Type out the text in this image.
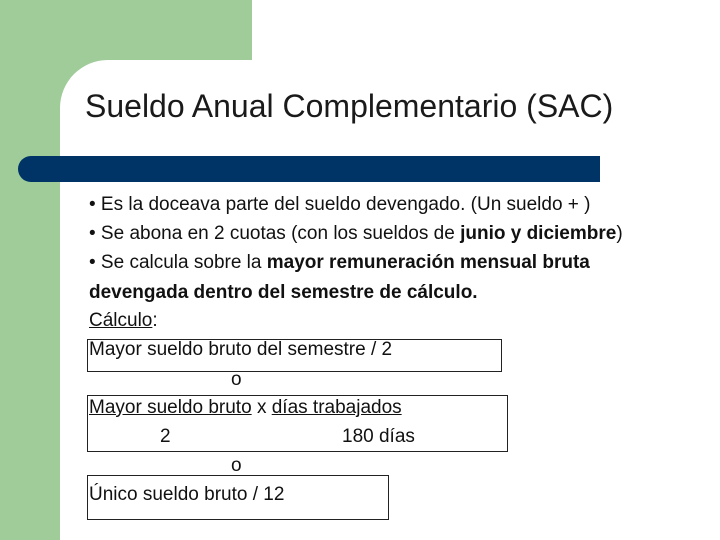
Sueldo Anual Complementario (SAC)
• Es la doceava parte del sueldo devengado. (Un sueldo + )
• Se abona en 2 cuotas (con los sueldos de junio y diciembre)
• Se calcula sobre la mayor remuneración mensual bruta
devengada dentro del semestre de cálculo.
Cálculo:
Mayor sueldo bruto del semestre / 2
o
Mayor sueldo bruto x días trabajados
2	180 días
o
Único sueldo bruto / 12
